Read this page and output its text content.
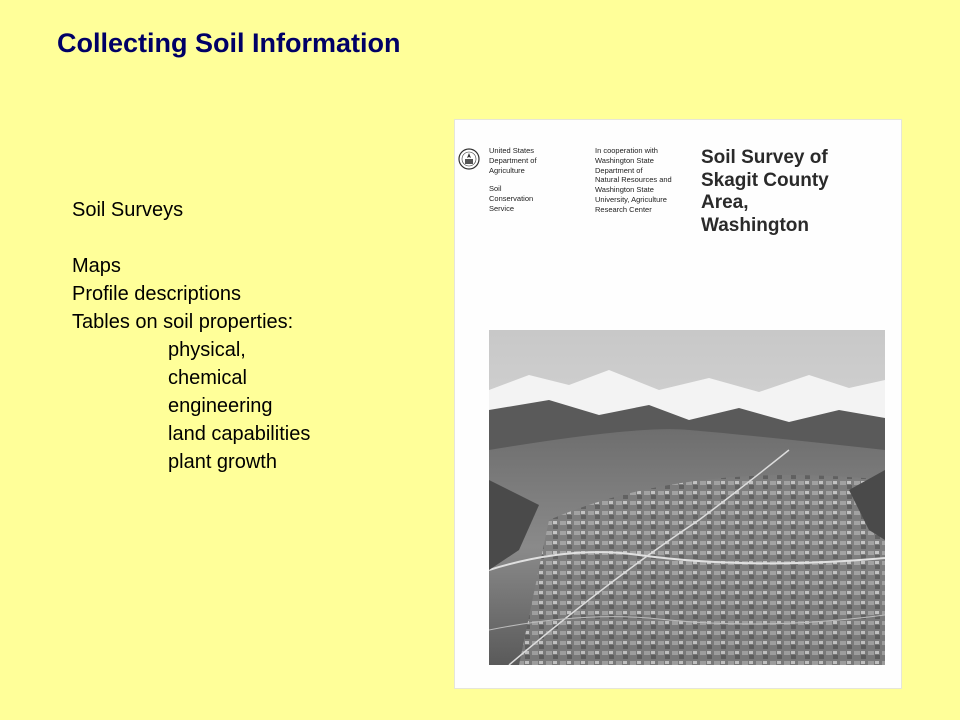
Collecting Soil Information
Soil Surveys
Maps
Profile descriptions
Tables on soil properties:
physical,
chemical
engineering
land capabilities
plant growth
United States
Department of
Agriculture
Soil
Conservation
Service
In cooperation with
Washington State
Department of
Natural Resources and
Washington State
University, Agriculture
Research Center
Soil Survey of
Skagit County
Area,
Washington
